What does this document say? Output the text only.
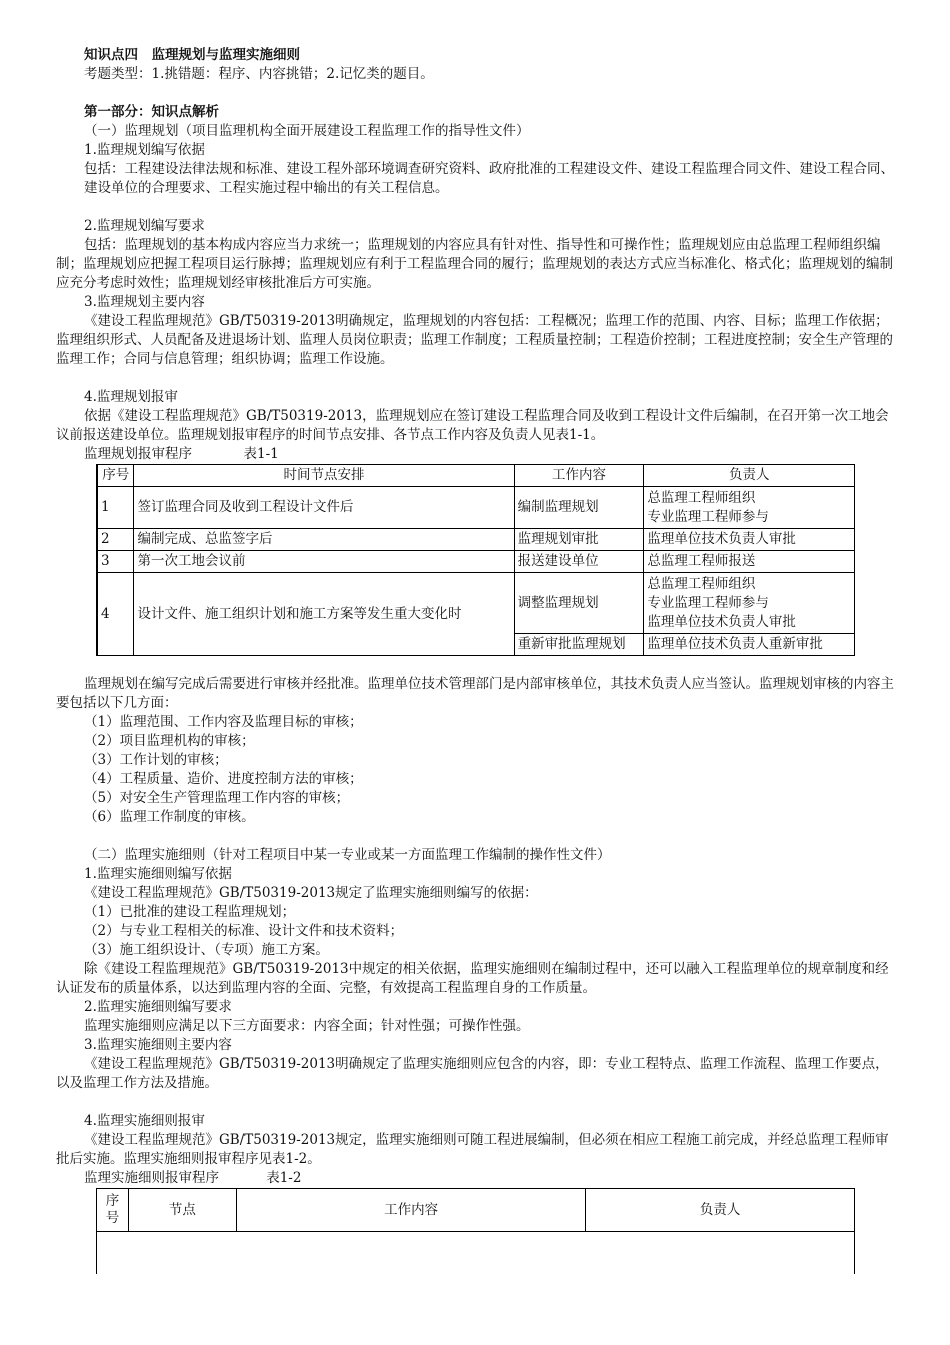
知识点四　监理规划与监理实施细则

考题类型：1.挑错题：程序、内容挑错；2.记忆类的题目。

第一部分：知识点解析

（一）监理规划（项目监理机构全面开展建设工程监理工作的指导性文件）

1.监理规划编写依据

包括：工程建设法律法规和标准、建设工程外部环境调查研究资料、政府批准的工程建设文件、建设工程监理合同文件、建设工程合同、建设单位的合理要求、工程实施过程中输出的有关工程信息。

2.监理规划编写要求

包括：监理规划的基本构成内容应当力求统一；监理规划的内容应具有针对性、指导性和可操作性；监理规划应由总监理工程师组织编制；监理规划应把握工程项目运行脉搏；监理规划应有利于工程监理合同的履行；监理规划的表达方式应当标准化、格式化；监理规划的编制应充分考虑时效性；监理规划经审核批准后方可实施。

3.监理规划主要内容

《建设工程监理规范》GB/T50319-2013明确规定，监理规划的内容包括：工程概况；监理工作的范围、内容、目标；监理工作依据；监理组织形式、人员配备及进退场计划、监理人员岗位职责；监理工作制度；工程质量控制；工程造价控制；工程进度控制；安全生产管理的监理工作；合同与信息管理；组织协调；监理工作设施。

4.监理规划报审

依据《建设工程监理规范》GB/T50319-2013，监理规划应在签订建设工程监理合同及收到工程设计文件后编制，在召开第一次工地会议前报送建设单位。监理规划报审程序的时间节点安排、各节点工作内容及负责人见表1-1。

监理规划报审程序	表1-1

序号	时间节点安排	工作内容	负责人
1	签订监理合同及收到工程设计文件后	编制监理规划	总监理工程师组织
专业监理工程师参与

2	编制完成、总监签字后	监理规划审批	监理单位技术负责人审批
3	第一次工地会议前	报送建设单位	总监理工程师报送
4	设计文件、施工组织计划和施工方案等发生重大变化时	调整监理规划	总监理工程师组织
专业监理工程师参与
监理单位技术负责人审批

		重新审批监理规划	监理单位技术负责人重新审批

监理规划在编写完成后需要进行审核并经批准。监理单位技术管理部门是内部审核单位，其技术负责人应当签认。监理规划审核的内容主要包括以下几方面：

（1）监理范围、工作内容及监理目标的审核；

（2）项目监理机构的审核；

（3）工作计划的审核；

（4）工程质量、造价、进度控制方法的审核；

（5）对安全生产管理监理工作内容的审核；

（6）监理工作制度的审核。

（二）监理实施细则（针对工程项目中某一专业或某一方面监理工作编制的操作性文件）

1.监理实施细则编写依据

《建设工程监理规范》GB/T50319-2013规定了监理实施细则编写的依据：

（1）已批准的建设工程监理规划；

（2）与专业工程相关的标准、设计文件和技术资料；

（3）施工组织设计、（专项）施工方案。

除《建设工程监理规范》GB/T50319-2013中规定的相关依据，监理实施细则在编制过程中，还可以融入工程监理单位的规章制度和经认证发布的质量体系，以达到监理内容的全面、完整，有效提高工程监理自身的工作质量。

2.监理实施细则编写要求

监理实施细则应满足以下三方面要求：内容全面；针对性强；可操作性强。

3.监理实施细则主要内容

《建设工程监理规范》GB/T50319-2013明确规定了监理实施细则应包含的内容，即：专业工程特点、监理工作流程、监理工作要点，以及监理工作方法及措施。

4.监理实施细则报审

《建设工程监理规范》GB/T50319-2013规定，监理实施细则可随工程进展编制，但必须在相应工程施工前完成，并经总监理工程师审批后实施。监理实施细则报审程序见表1-2。

监理实施细则报审程序	表1-2

序
号
	节点	工作内容	负责人
